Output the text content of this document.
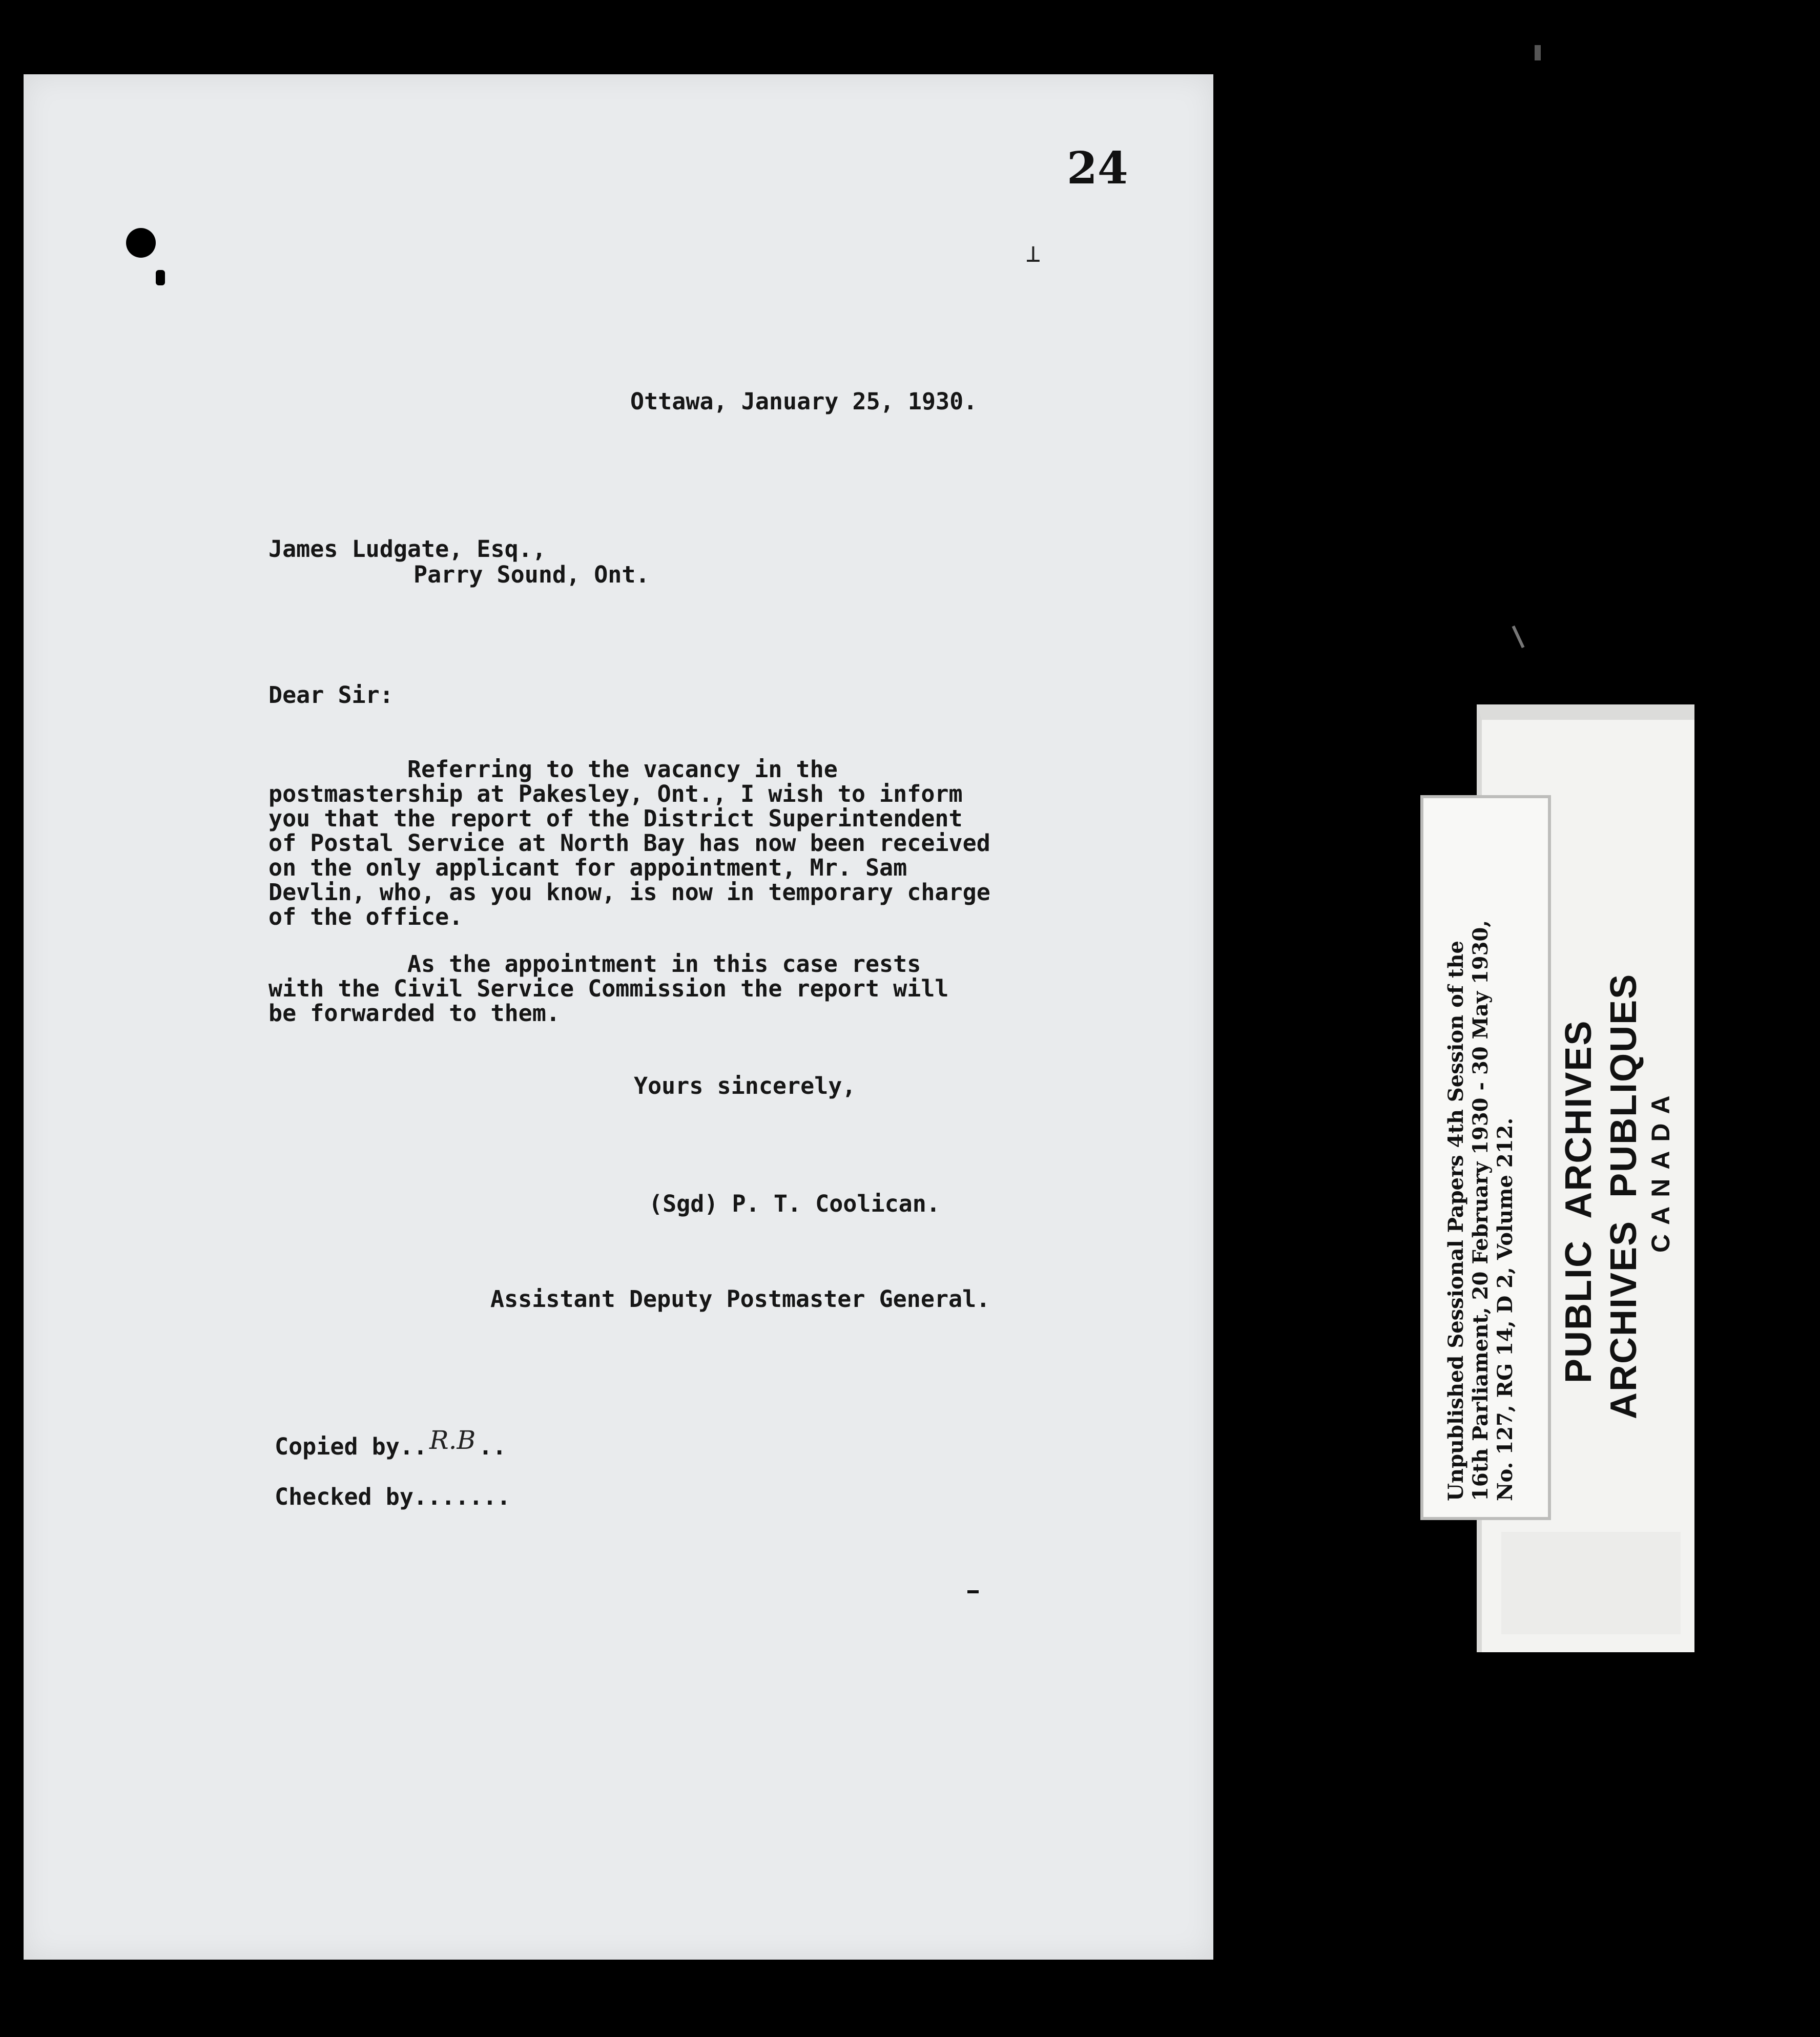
⊥
24
Ottawa, January 25, 1930.
James Ludgate, Esq.,
Parry Sound, Ont.
Dear Sir:
Referring to the vacancy in the
postmastership at Pakesley, Ont., I wish to inform
you that the report of the District Superintendent
of Postal Service at North Bay has now been received
on the only applicant for appointment, Mr. Sam
Devlin, who, as you know, is now in temporary charge
of the office.
As the appointment in this case rests
with the Civil Service Commission the report will
be forwarded to them.
Yours sincerely,
(Sgd) P. T. Coolican.
Assistant Deputy Postmaster General.
Copied by.. ..
R.B
Checked by.......	Unpublished Sessional Papers 4th Session of the
16th Parliament, 20 February 1930 - 30 May 1930,
No. 127, RG 14, D 2, Volume 212. PUBLIC  ARCHIVES ARCHIVES  PUBLIQUES CANADA
